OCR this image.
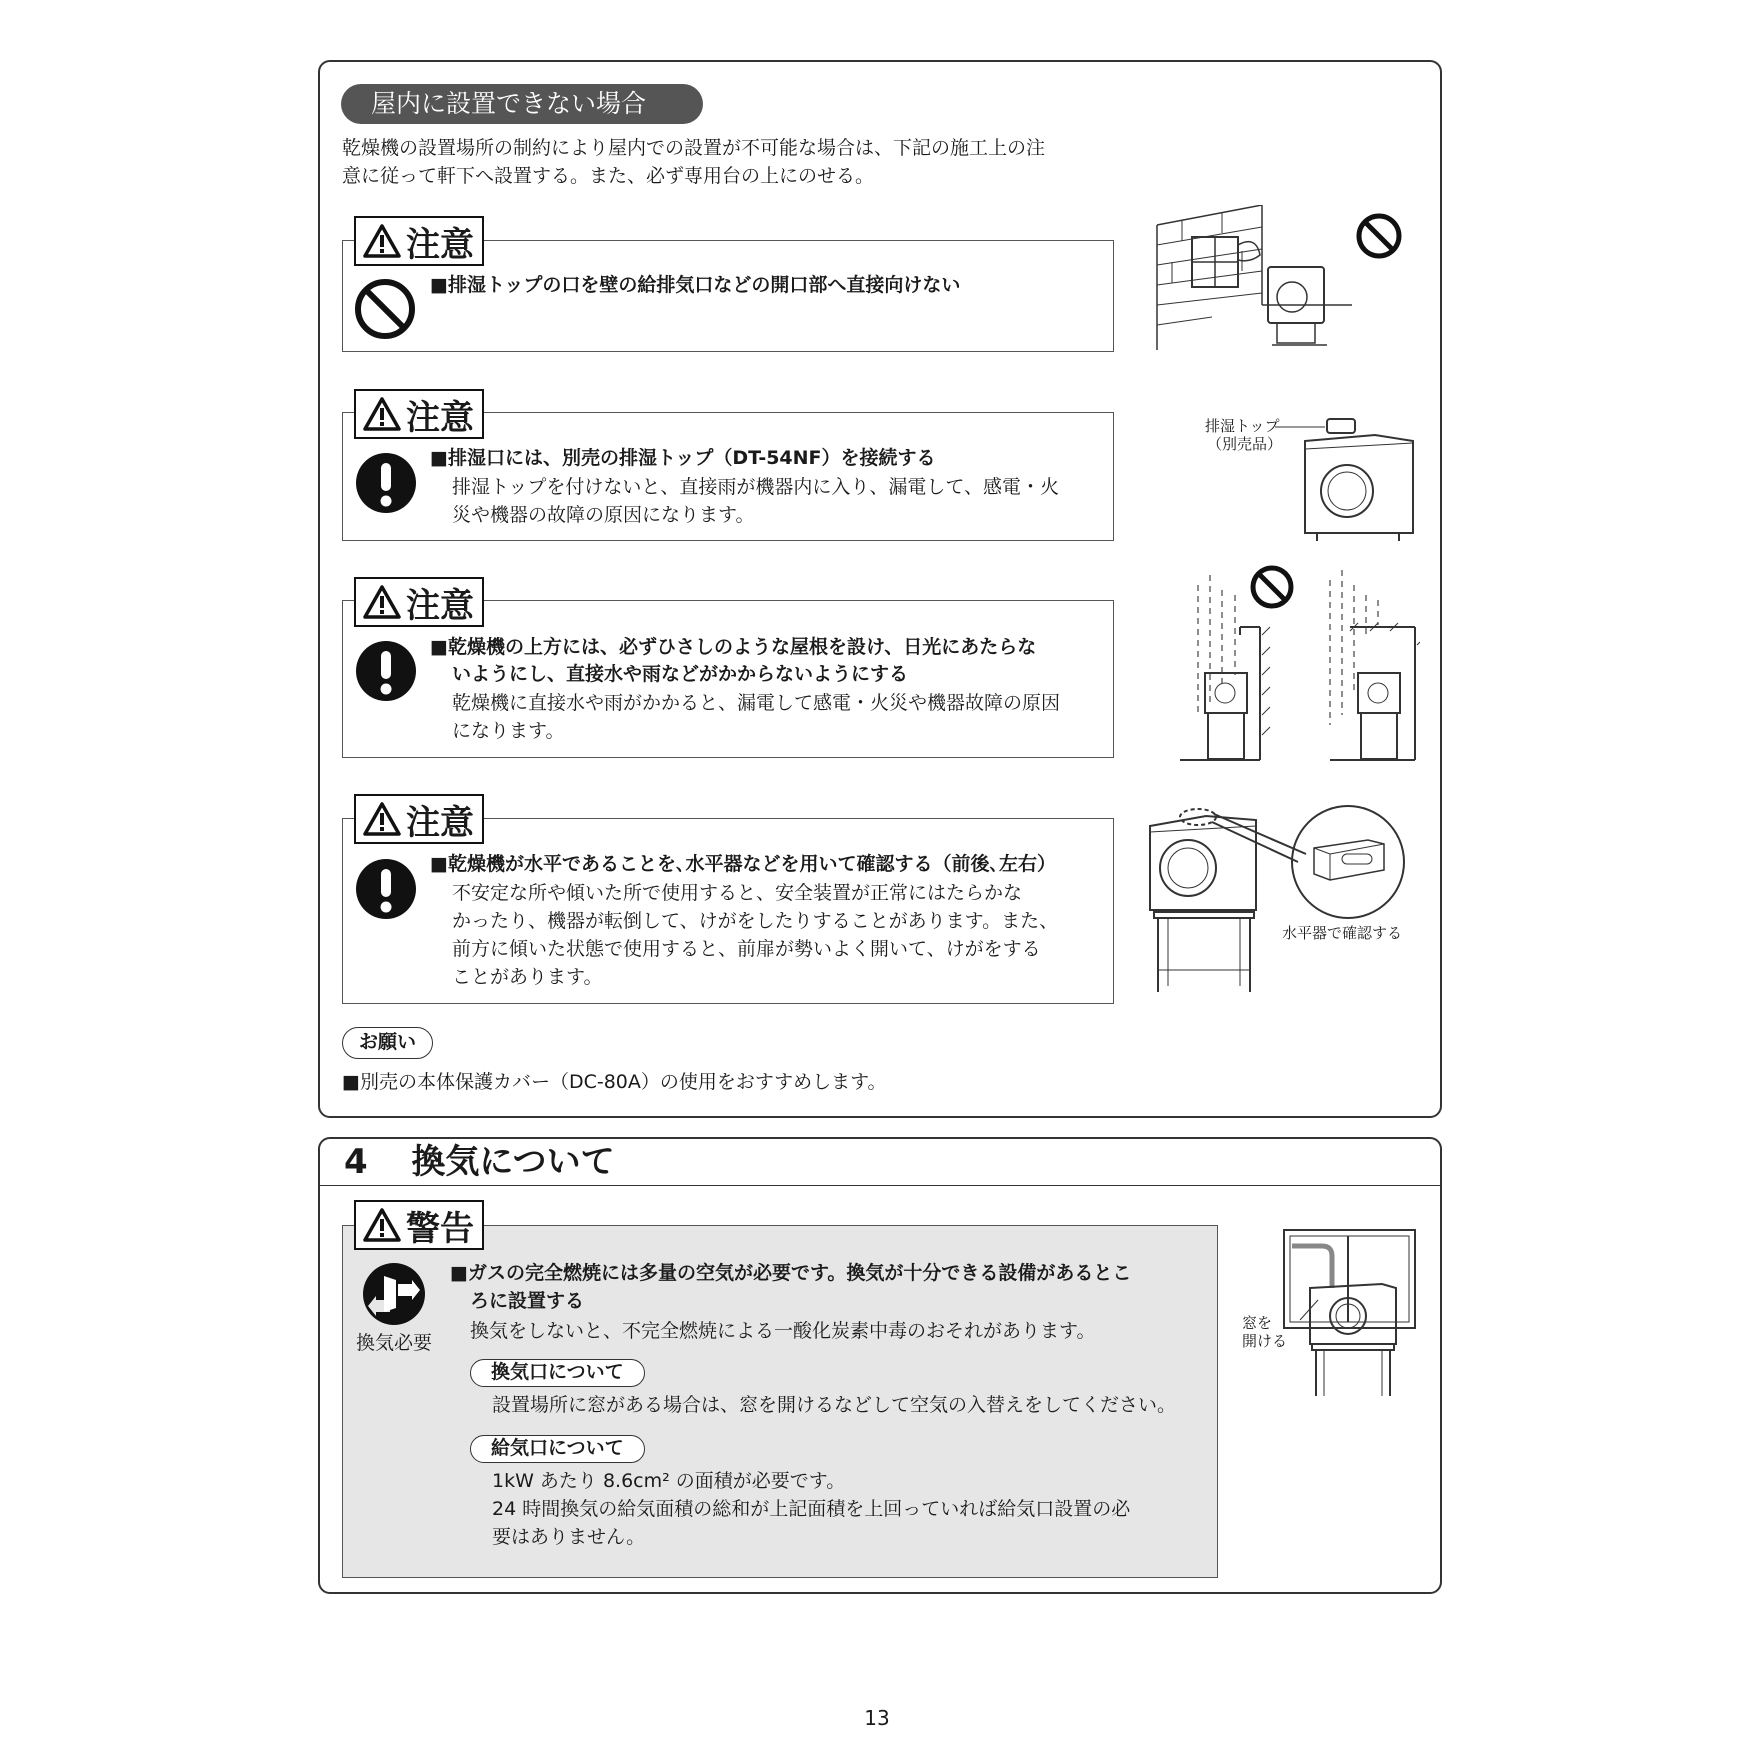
屋内に設置できない場合
乾燥機の設置場所の制約により屋内での設置が不可能な場合は、下記の施工上の注
意に従って軒下へ設置する。また、必ず専用台の上にのせる。
注意
■排湿トップの口を壁の給排気口などの開口部へ直接向けない
注意
■排湿口には、別売の排湿トップ（DT-54NF）を接続する
排湿トップを付けないと、直接雨が機器内に入り、漏電して、感電・火
災や機器の故障の原因になります。
排湿トップ
（別売品）
注意
■乾燥機の上方には、必ずひさしのような屋根を設け、日光にあたらな
いようにし、直接水や雨などがかからないようにする
乾燥機に直接水や雨がかかると、漏電して感電・火災や機器故障の原因
になります。
注意
■乾燥機が水平であることを､水平器などを用いて確認する（前後､左右）
不安定な所や傾いた所で使用すると、安全装置が正常にはたらかな
かったり、機器が転倒して、けがをしたりすることがあります。また、
前方に傾いた状態で使用すると、前扉が勢いよく開いて、けがをする
ことがあります。
水平器で確認する
お願い
■別売の本体保護カバー（DC-80A）の使用をおすすめします。
4 換気について
警告
換気必要
■ガスの完全燃焼には多量の空気が必要です。換気が十分できる設備があるとこ
ろに設置する
換気をしないと、不完全燃焼による一酸化炭素中毒のおそれがあります。
換気口について
設置場所に窓がある場合は、窓を開けるなどして空気の入替えをしてください。
給気口について
1kW あたり 8.6cm² の面積が必要です。
24 時間換気の給気面積の総和が上記面積を上回っていれば給気口設置の必
要はありません。
窓を
開ける
13
